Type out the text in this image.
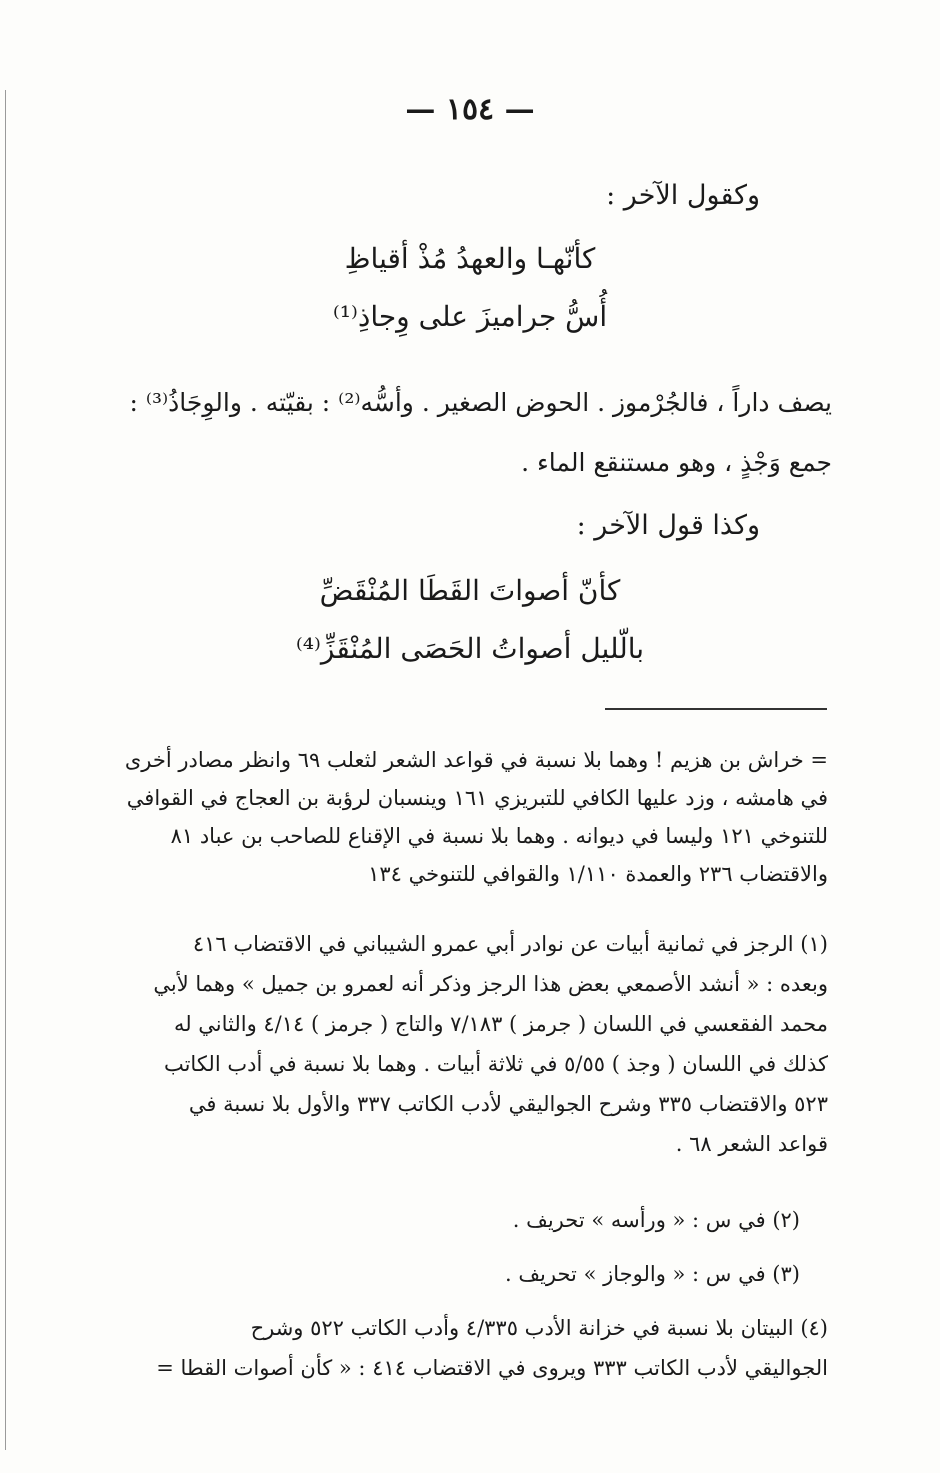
— ١٥٤ —
وكقول الآخر :
كأنّهـا والعهدُ مُذْ أقياظِ
أُسُّ جراميزَ على وِجاذِ⁽¹⁾
يصف داراً ، فالجُرْموز . الحوض الصغير . وأسُّه⁽²⁾ : بقيّته . والوِجَاذُ⁽³⁾ :
جمع وَجْذٍ ، وهو مستنقع الماء .
وكذا قول الآخر :
كأنّ أصواتَ القَطَا المُنْقَضِّ
بالّليل أصواتُ الحَصَى المُنْقَزِّ⁽⁴⁾
= خراش بن هزيم ! وهما بلا نسبة في قواعد الشعر لثعلب ٦٩ وانظر مصادر أخرى
في هامشه ، وزد عليها الكافي للتبريزي ١٦١ وينسبان لرؤبة بن العجاج في القوافي
للتنوخي ١٢١ وليسا في ديوانه . وهما بلا نسبة في الإقناع للصاحب بن عباد ٨١
والاقتضاب ٢٣٦ والعمدة ١/١١٠ والقوافي للتنوخي ١٣٤
(١) الرجز في ثمانية أبيات عن نوادر أبي عمرو الشيباني في الاقتضاب ٤١٦
وبعده : « أنشد الأصمعي بعض هذا الرجز وذكر أنه لعمرو بن جميل » وهما لأبي
محمد الفقعسي في اللسان ( جرمز ) ٧/١٨٣ والتاج ( جرمز ) ٤/١٤ والثاني له
كذلك في اللسان ( وجذ ) ٥/٥٥ في ثلاثة أبيات . وهما بلا نسبة في أدب الكاتب
٥٢٣ والاقتضاب ٣٣٥ وشرح الجواليقي لأدب الكاتب ٣٣٧ والأول بلا نسبة في
قواعد الشعر ٦٨ .
(٢) في س : « ورأسه » تحريف .
(٣) في س : « والوجاز » تحريف .
(٤) البيتان بلا نسبة في خزانة الأدب ٤/٣٣٥ وأدب الكاتب ٥٢٢ وشرح
الجواليقي لأدب الكاتب ٣٣٣ ويروى في الاقتضاب ٤١٤ : « كأن أصوات القطا =
